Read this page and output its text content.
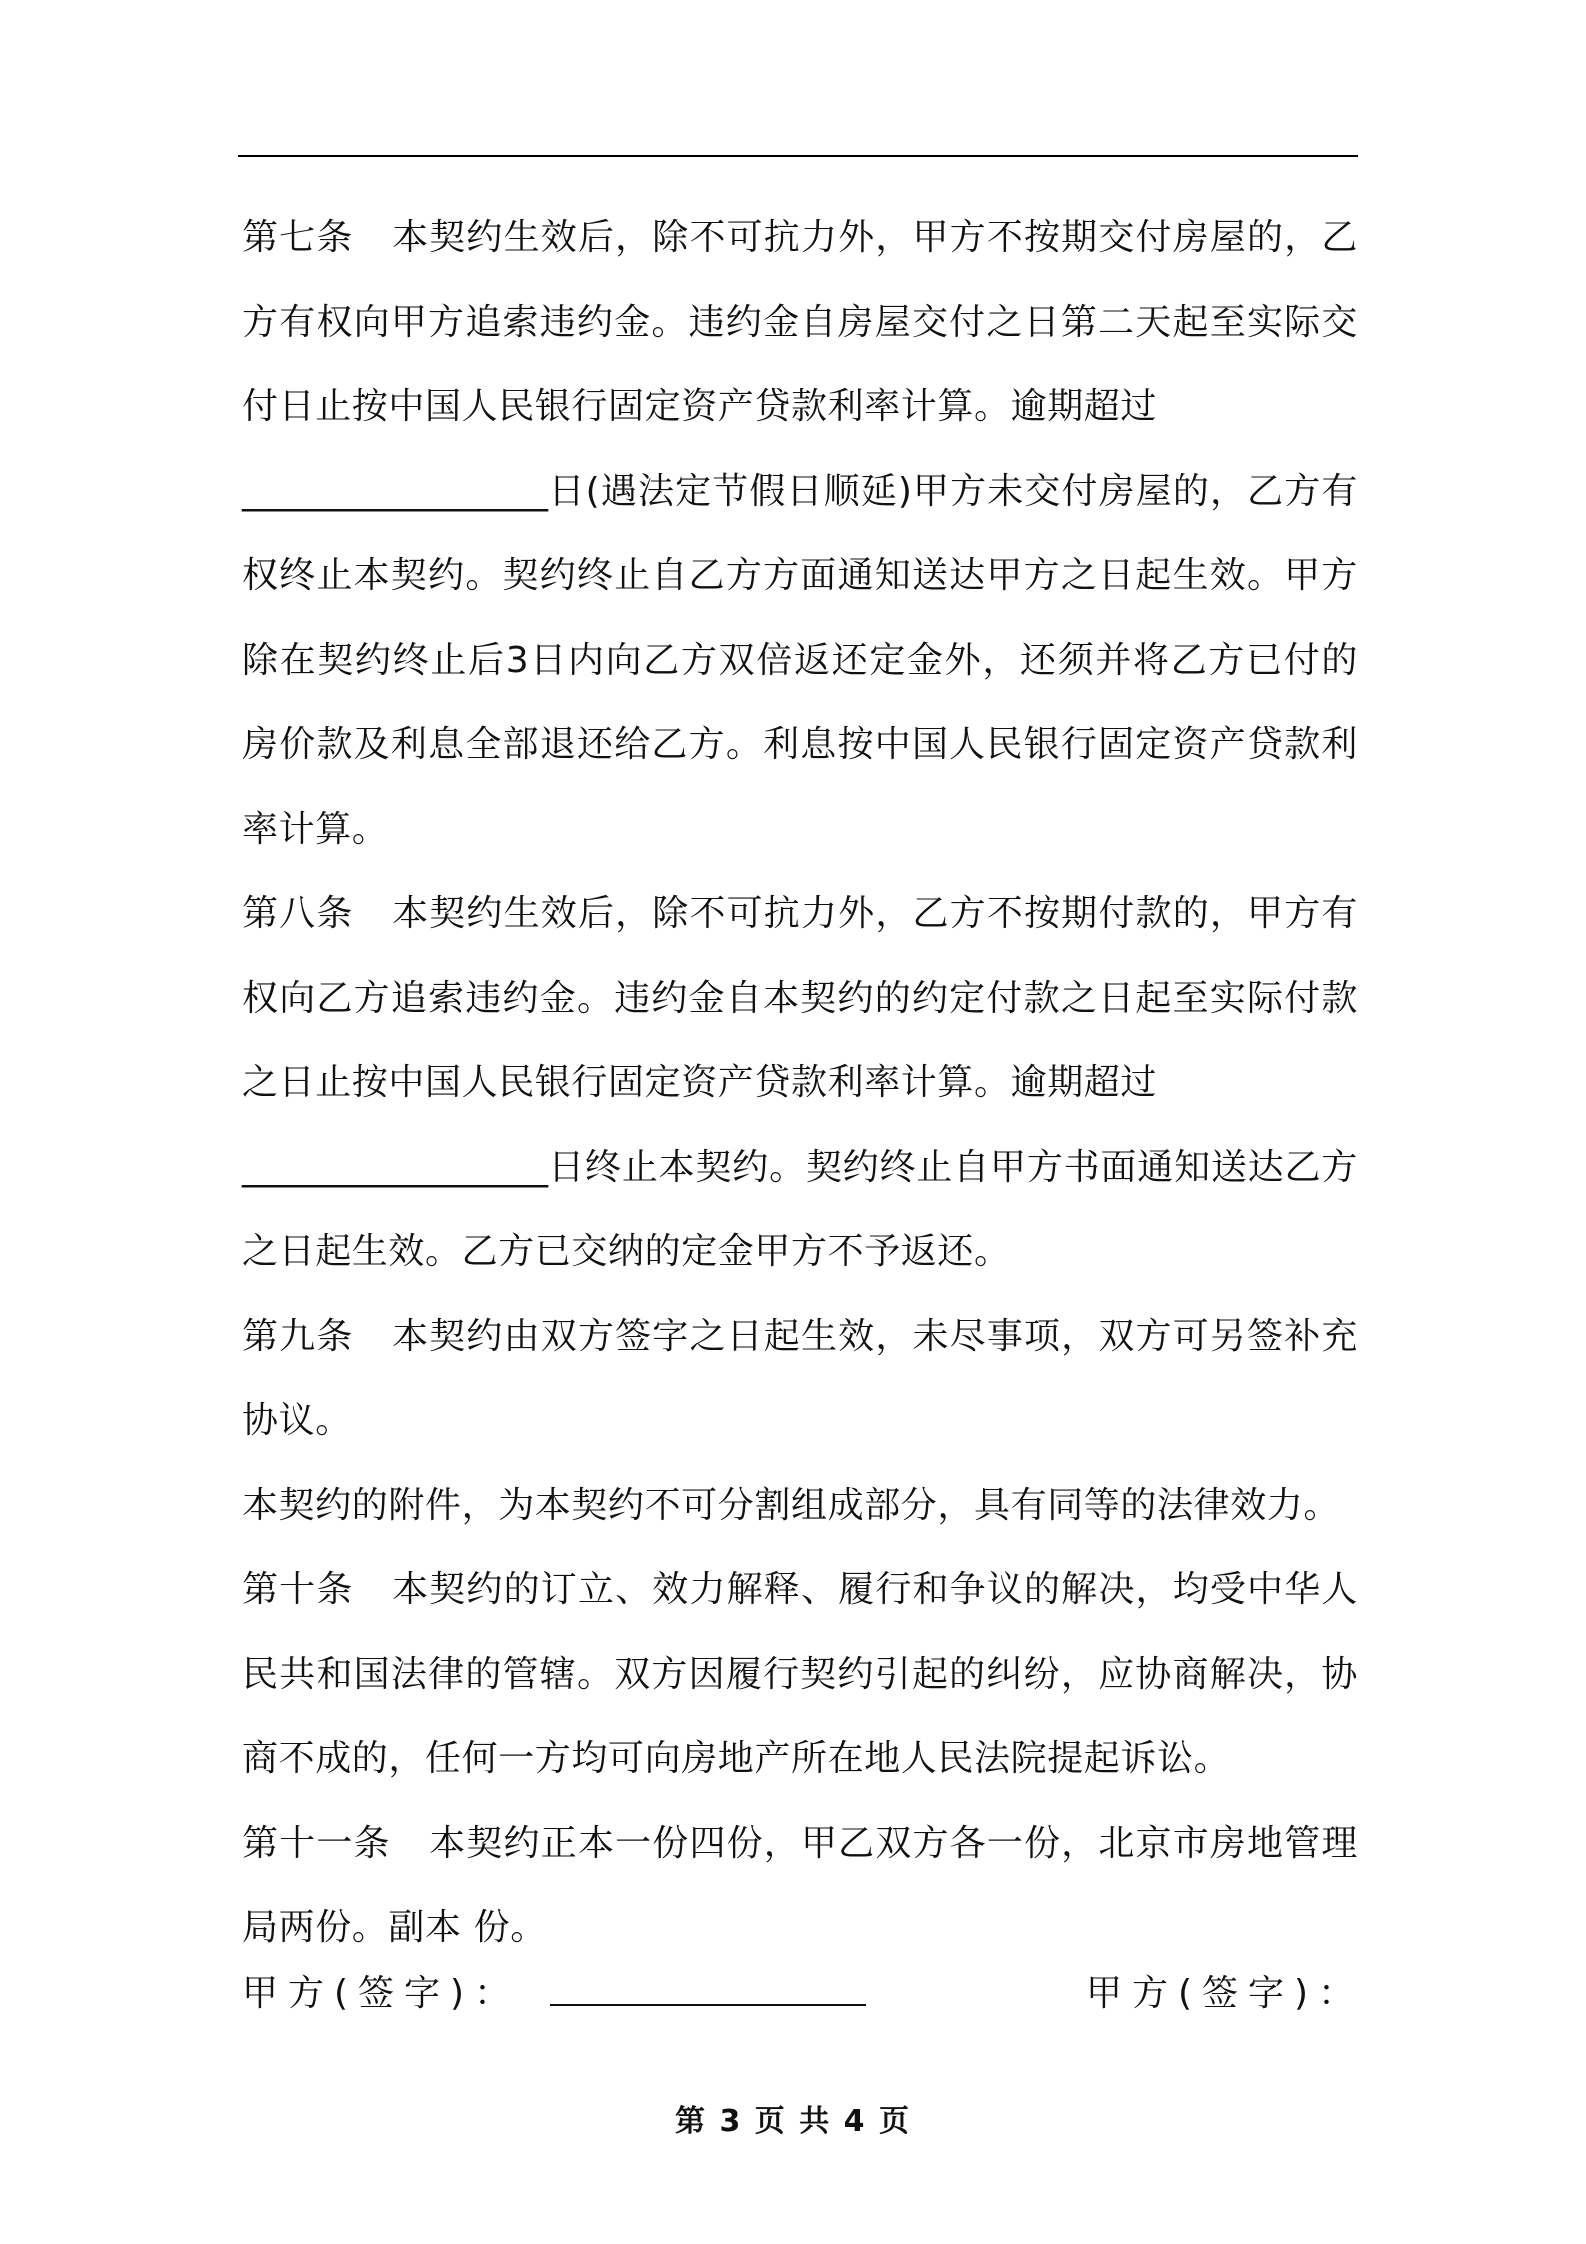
第七条 本契约生效后，除不可抗力外，甲方不按期交付房屋的，乙方有权向甲方追索违约金。违约金自房屋交付之日第二天起至实际交付日止按中国人民银行固定资产贷款利率计算。逾期超过
_________________日(遇法定节假日顺延)甲方未交付房屋的，乙方有权终止本契约。契约终止自乙方方面通知送达甲方之日起生效。甲方除在契约终止后3日内向乙方双倍返还定金外，还须并将乙方已付的房价款及利息全部退还给乙方。利息按中国人民银行固定资产贷款利率计算。

第八条 本契约生效后，除不可抗力外，乙方不按期付款的，甲方有权向乙方追索违约金。违约金自本契约的约定付款之日起至实际付款之日止按中国人民银行固定资产贷款利率计算。逾期超过
_________________日终止本契约。契约终止自甲方书面通知送达乙方之日起生效。乙方已交纳的定金甲方不予返还。

第九条 本契约由双方签字之日起生效，未尽事项，双方可另签补充协议。

本契约的附件，为本契约不可分割组成部分，具有同等的法律效力。

第十条 本契约的订立、效力解释、履行和争议的解决，均受中华人民共和国法律的管辖。双方因履行契约引起的纠纷，应协商解决，协商不成的，任何一方均可向房地产所在地人民法院提起诉讼。

第十一条 本契约正本一份四份，甲乙双方各一份，北京市房地管理局两份。副本 份。

甲方(签字)：	甲方(签字)：
第 3 页 共 4 页
